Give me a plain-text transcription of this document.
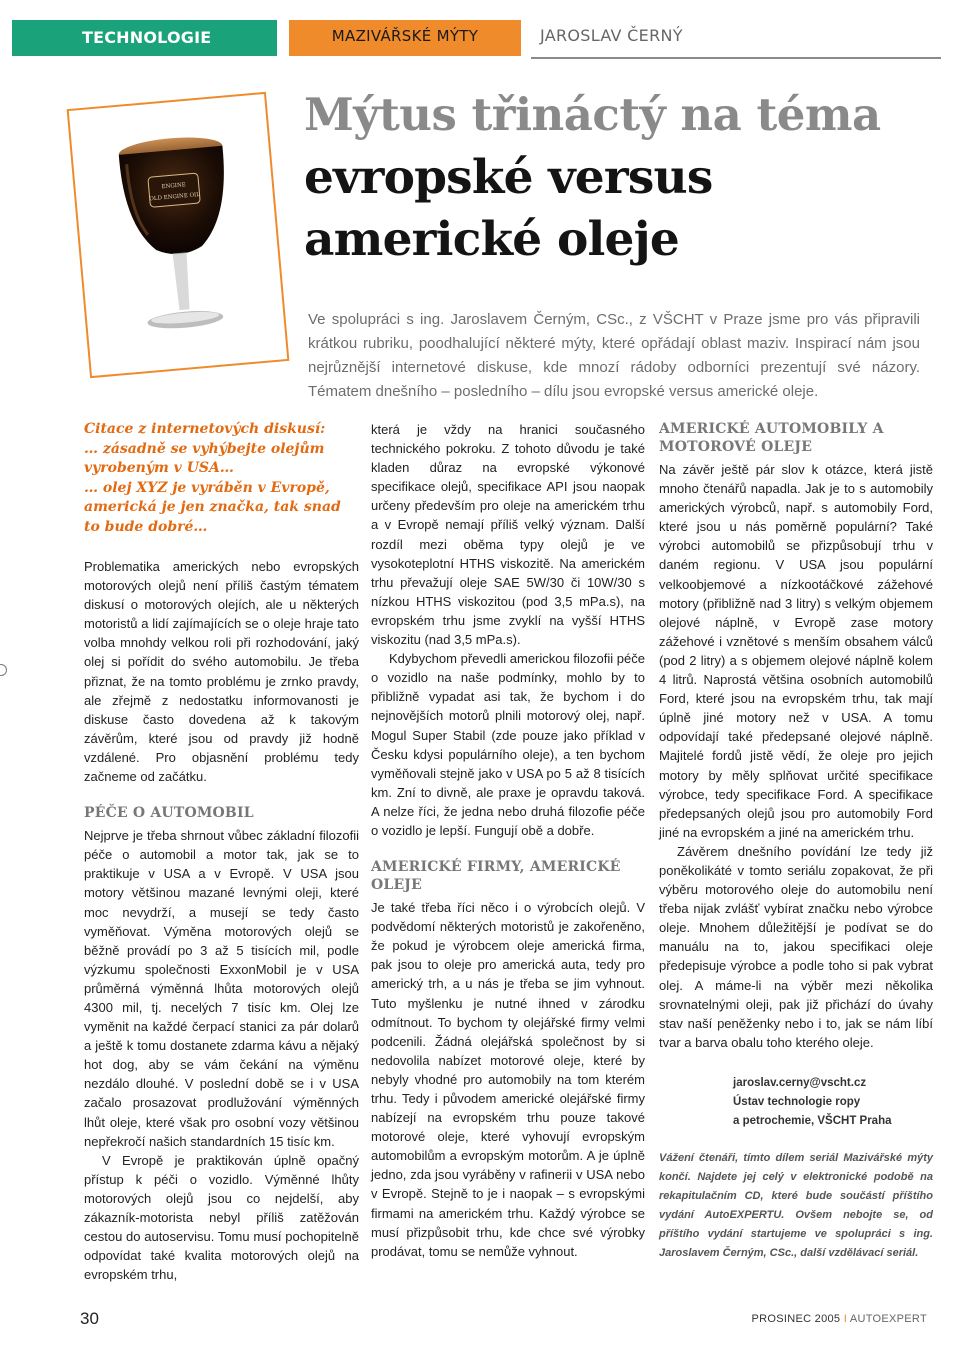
TECHNOLOGIE	MAZIVÁŘSKÉ MÝTY	JAROSLAV ČERNÝ
ENGINE
OLD ENGINE OIL
Mýtus třináctý na téma
evropské versus
americké oleje
Ve spolupráci s ing. Jaroslavem Černým, CSc., z VŠCHT v Praze jsme pro vás připravili krátkou rubriku, poodhalující některé mýty, které opřádají oblast maziv. Inspirací nám jsou nejrůznější internetové diskuse, kde mnozí rádoby odborníci prezentují své názory. Tématem dnešního – posledního – dílu jsou evropské versus americké oleje.
Citace z internetových diskusí:
… zásadně se vyhýbejte olejům vyrobeným v USA…
… olej XYZ je vyráběn v Evropě, americká je jen značka, tak snad to bude dobré…

Problematika amerických nebo evropských motorových olejů není příliš častým tématem diskusí o motorových olejích, ale u některých motoristů a lidí zajímajících se o oleje hraje tato volba mnohdy velkou roli při rozhodování, jaký olej si pořídit do svého automobilu. Je třeba přiznat, že na tomto problému je zrnko pravdy, ale zřejmě z nedostatku informovanosti je diskuse často dovedena až k takovým závěrům, které jsou od pravdy již hodně vzdálené. Pro objasnění problému tedy začneme od začátku.

PÉČE O AUTOMOBIL

Nejprve je třeba shrnout vůbec základní filozofii péče o automobil a motor tak, jak se to praktikuje v USA a v Evropě. V USA jsou motory většinou mazané levnými oleji, které moc nevydrží, a musejí se tedy často vyměňovat. Výměna motorových olejů se běžně provádí po 3 až 5 tisících mil, podle výzkumu společnosti ExxonMobil je v USA průměrná výměnná lhůta motorových olejů 4300 mil, tj. necelých 7 tisíc km. Olej lze vyměnit na každé čerpací stanici za pár dolarů a ještě k tomu dostanete zdarma kávu a nějaký hot dog, aby se vám čekání na výměnu nezdálo dlouhé. V poslední době se i v USA začalo prosazovat prodlužování výměnných lhůt oleje, které však pro osobní vozy většinou nepřekročí našich standardních 15 tisíc km.

V Evropě je praktikován úplně opačný přístup k péči o vozidlo. Výměnné lhůty motorových olejů jsou co nejdelší, aby zákazník-motorista nebyl příliš zatěžován cestou do autoservisu. Tomu musí pochopitelně odpovídat také kvalita motorových olejů na evropském trhu,

která je vždy na hranici současného technického pokroku. Z tohoto důvodu je také kladen důraz na evropské výkonové specifikace olejů, specifikace API jsou naopak určeny především pro oleje na americkém trhu a v Evropě nemají příliš velký význam. Další rozdíl mezi oběma typy olejů je ve vysokoteplotní HTHS viskozitě. Na americkém trhu převažují oleje SAE 5W/30 či 10W/30 s nízkou HTHS viskozitou (pod 3,5 mPa.s), na evropském trhu jsme zvyklí na vyšší HTHS viskozitu (nad 3,5 mPa.s).

Kdybychom převedli americkou filozofii péče o vozidlo na naše podmínky, mohlo by to přibližně vypadat asi tak, že bychom i do nejnovějších motorů plnili motorový olej, např. Mogul Super Stabil (zde pouze jako příklad v Česku kdysi populárního oleje), a ten bychom vyměňovali stejně jako v USA po 5 až 8 tisících km. Zní to divně, ale praxe je opravdu taková. A nelze říci, že jedna nebo druhá filozofie péče o vozidlo je lepší. Fungují obě a dobře.

AMERICKÉ FIRMY, AMERICKÉ OLEJE

Je také třeba říci něco i o výrobcích olejů. V podvědomí některých motoristů je zakořeněno, že pokud je výrobcem oleje americká firma, pak jsou to oleje pro americká auta, tedy pro americký trh, a u nás je třeba se jim vyhnout. Tuto myšlenku je nutné ihned v zárodku odmítnout. To bychom ty olejářské firmy velmi podcenili. Žádná olejářská společnost by si nedovolila nabízet motorové oleje, které by nebyly vhodné pro automobily na tom kterém trhu. Tedy i původem americké olejářské firmy nabízejí na evropském trhu pouze takové motorové oleje, které vyhovují evropským automobilům a evropským motorům. A je úplně jedno, zda jsou vyráběny v rafinerii v USA nebo v Evropě. Stejně to je i naopak – s evropskými firmami na americkém trhu. Každý výrobce se musí přizpůsobit trhu, kde chce své výrobky prodávat, tomu se nemůže vyhnout.

AMERICKÉ AUTOMOBILY A MOTOROVÉ OLEJE

Na závěr ještě pár slov k otázce, která jistě mnoho čtenářů napadla. Jak je to s automobily amerických výrobců, např. s automobily Ford, které jsou u nás poměrně populární? Také výrobci automobilů se přizpůsobují trhu v daném regionu. V USA jsou populární velkoobjemové a nízkootáčkové zážehové motory (přibližně nad 3 litry) s velkým objemem olejové náplně, v Evropě zase motory zážehové i vznětové s menším obsahem válců (pod 2 litry) a s objemem olejové náplně kolem 4 litrů. Naprostá většina osobních automobilů Ford, které jsou na evropském trhu, tak mají úplně jiné motory než v USA. A tomu odpovídají také předepsané olejové náplně. Majitelé fordů jistě vědí, že oleje pro jejich motory by měly splňovat určité specifikace výrobce, tedy specifikace Ford. A specifikace předepsaných olejů jsou pro automobily Ford jiné na evropském a jiné na americkém trhu.

Závěrem dnešního povídání lze tedy již poněkolikáté v tomto seriálu zopakovat, že při výběru motorového oleje do automobilu není třeba nijak zvlášť vybírat značku nebo výrobce oleje. Mnohem důležitější je podívat se do manuálu na to, jakou specifikaci oleje předepisuje výrobce a podle toho si pak vybrat olej. A máme-li na výběr mezi několika srovnatelnými oleji, pak již přichází do úvahy stav naší peněženky nebo i to, jak se nám líbí tvar a barva obalu toho kterého oleje.

jaroslav.cerny@vscht.cz
Ústav technologie ropy
a petrochemie, VŠCHT Praha
Vážení čtenáři, tímto dílem seriál Mazivářské mýty končí. Najdete jej celý v elektronické podobě na rekapitulačním CD, které bude součástí příštího vydání AutoEXPERTU. Ovšem nebojte se, od příštího vydání startujeme ve spolupráci s ing. Jaroslavem Černým, CSc., další vzdělávací seriál.
30	PROSINEC 2005 I AUTOEXPERT
